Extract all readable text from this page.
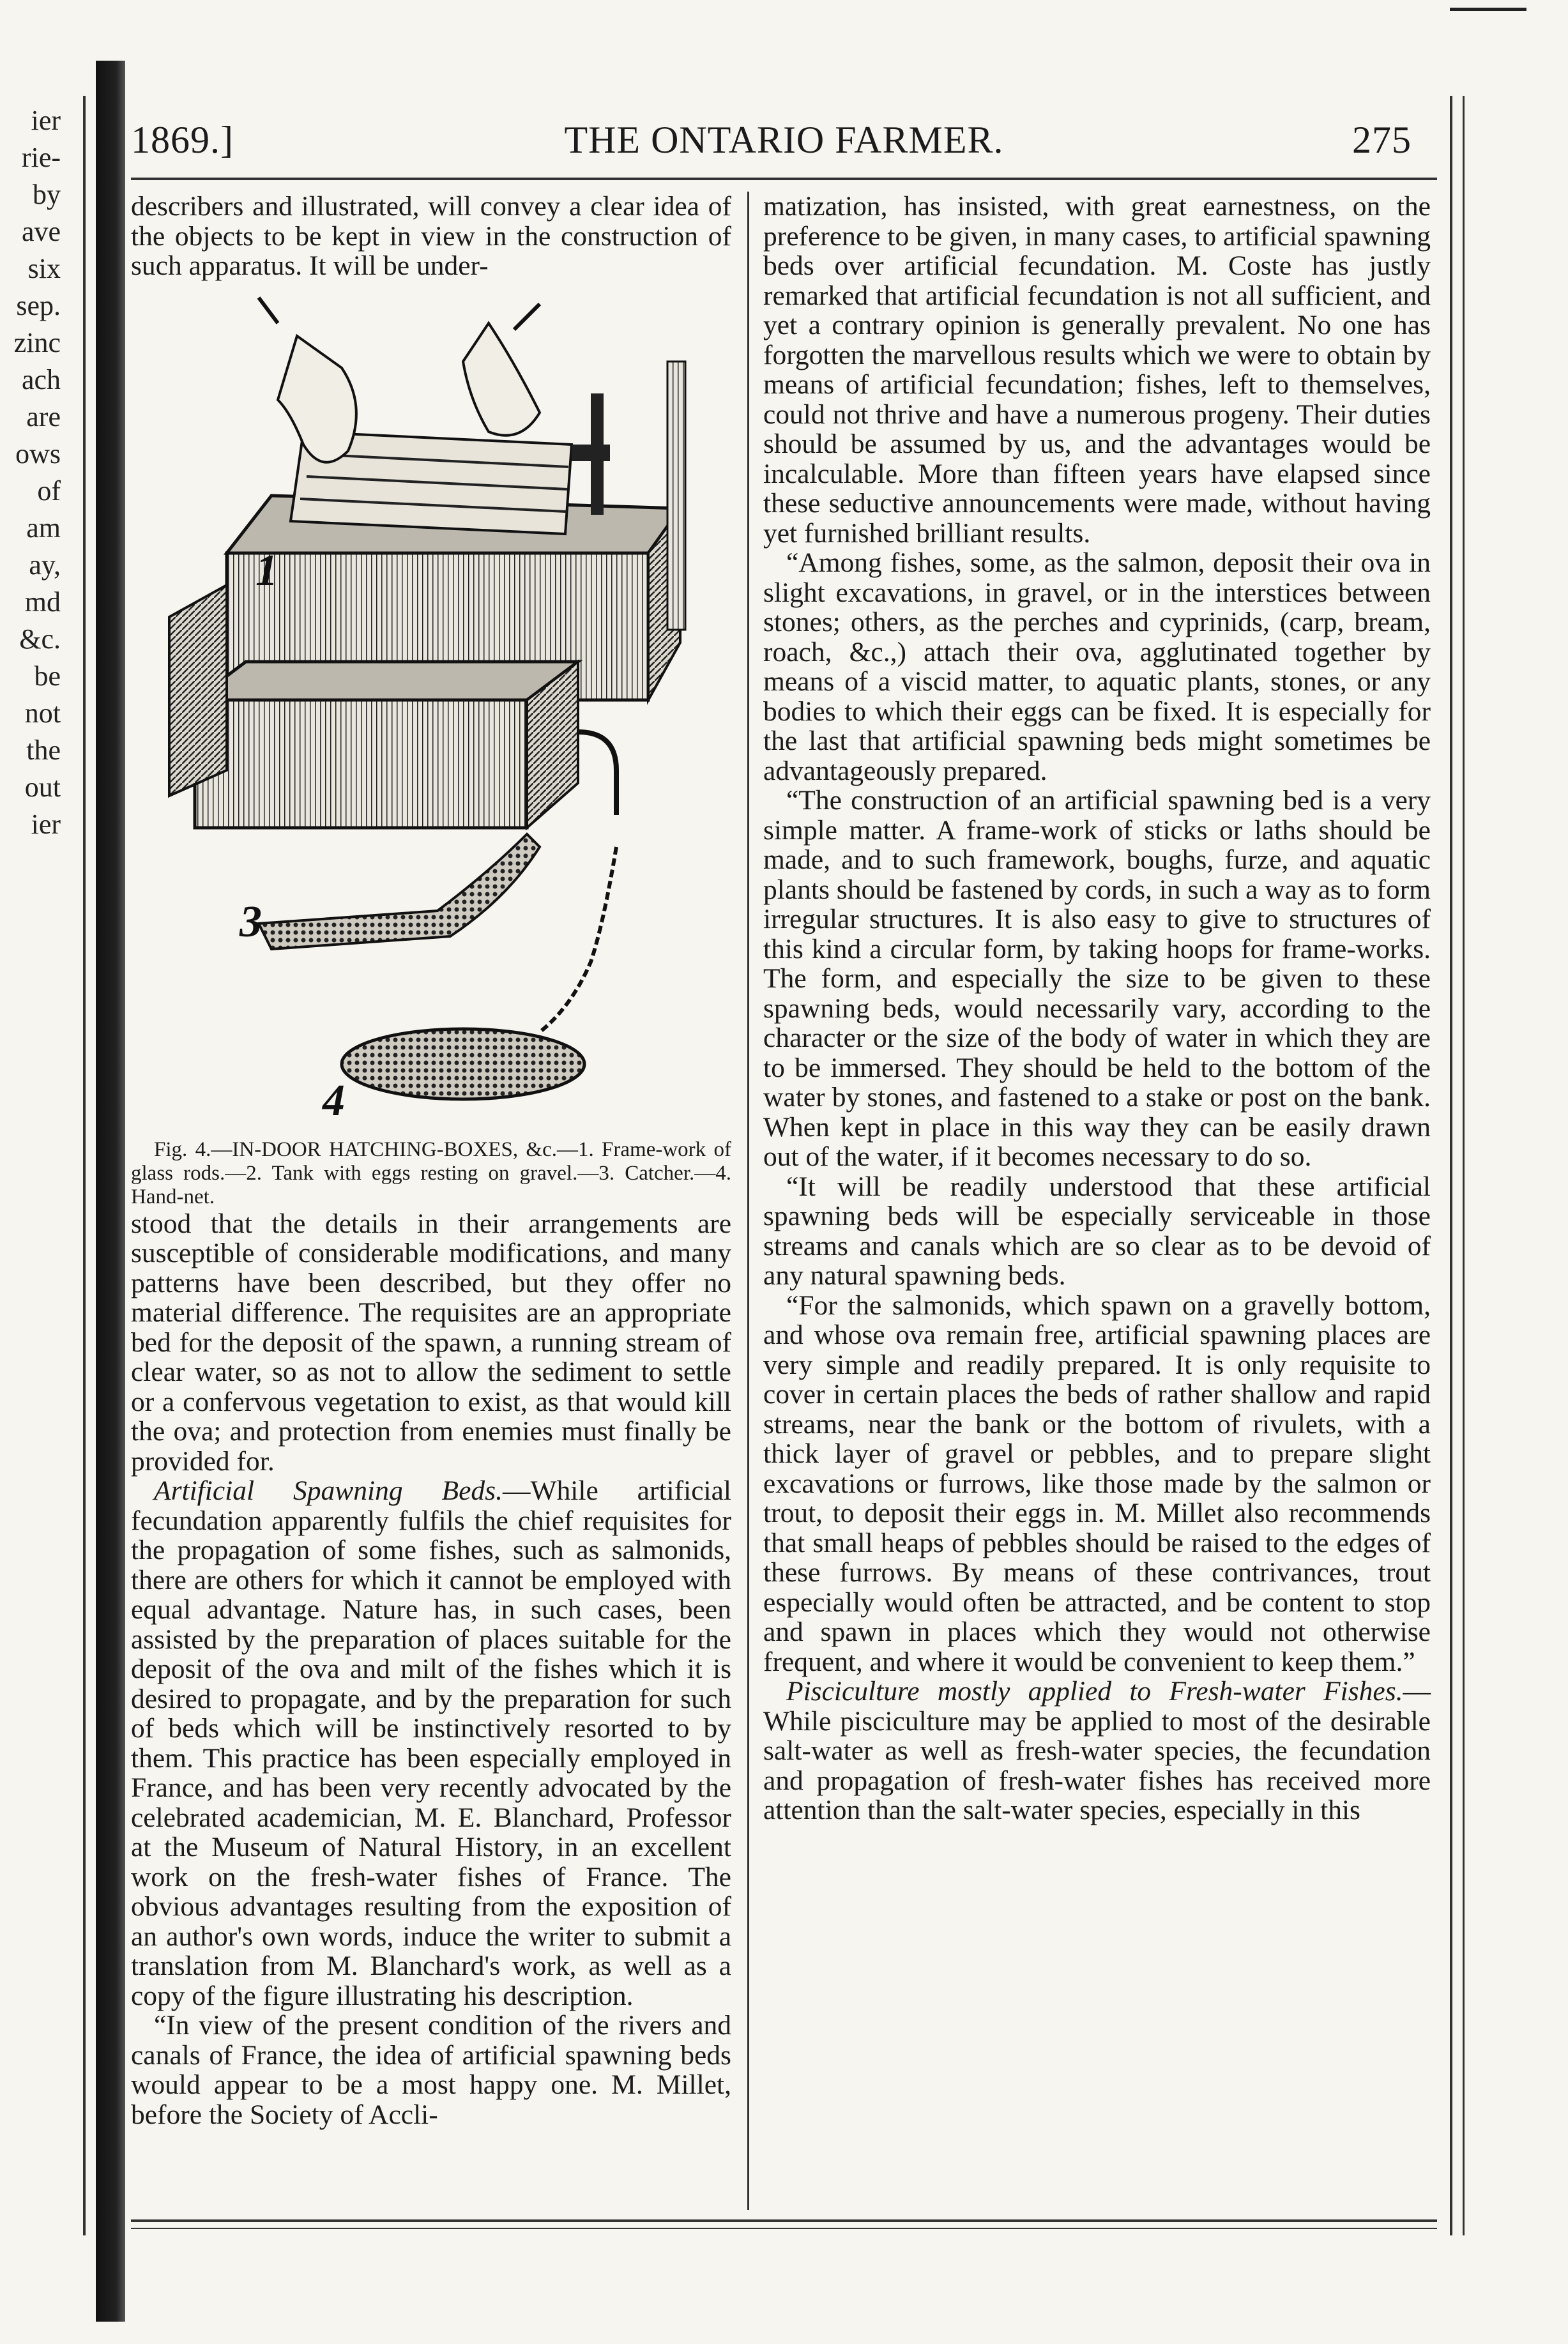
ier
rie-
by
ave
six
sep.
zinc
ach
are
ows
of
am
ay,
md
&c.
be
not
the
out
ier
1869.]	THE ONTARIO FARMER.	275

describers and illustrated, will convey a clear idea of the objects to be kept in view in the construction of such apparatus. It will be under-

1
3
4

Fig. 4.—IN-DOOR HATCHING-BOXES, &c.—1. Frame-work of glass rods.—2. Tank with eggs resting on gravel.—3. Catcher.—4. Hand-net.

stood that the details in their arrangements are susceptible of considerable modifications, and many patterns have been described, but they offer no material difference. The requisites are an appropriate bed for the deposit of the spawn, a running stream of clear water, so as not to allow the sediment to settle or a confervous vegetation to exist, as that would kill the ova; and protection from enemies must finally be provided for.

Artificial Spawning Beds.—While artificial fecundation apparently fulfils the chief requisites for the propagation of some fishes, such as salmonids, there are others for which it cannot be employed with equal advantage. Nature has, in such cases, been assisted by the preparation of places suitable for the deposit of the ova and milt of the fishes which it is desired to propagate, and by the preparation for such of beds which will be instinctively resorted to by them. This practice has been especially employed in France, and has been very recently advocated by the celebrated academician, M. E. Blanchard, Professor at the Museum of Natural History, in an excellent work on the fresh-water fishes of France. The obvious advantages resulting from the exposition of an author's own words, induce the writer to submit a translation from M. Blanchard's work, as well as a copy of the figure illustrating his description.

“In view of the present condition of the rivers and canals of France, the idea of artificial spawning beds would appear to be a most happy one. M. Millet, before the Society of Accli-

matization, has insisted, with great earnestness, on the preference to be given, in many cases, to artificial spawning beds over artificial fecundation. M. Coste has justly remarked that artificial fecundation is not all sufficient, and yet a contrary opinion is generally prevalent. No one has forgotten the marvellous results which we were to obtain by means of artificial fecundation; fishes, left to themselves, could not thrive and have a numerous progeny. Their duties should be assumed by us, and the advantages would be incalculable. More than fifteen years have elapsed since these seductive announcements were made, without having yet furnished brilliant results.

“Among fishes, some, as the salmon, deposit their ova in slight excavations, in gravel, or in the interstices between stones; others, as the perches and cyprinids, (carp, bream, roach, &c.,) attach their ova, agglutinated together by means of a viscid matter, to aquatic plants, stones, or any bodies to which their eggs can be fixed. It is especially for the last that artificial spawning beds might sometimes be advantageously prepared.

“The construction of an artificial spawning bed is a very simple matter. A frame-work of sticks or laths should be made, and to such framework, boughs, furze, and aquatic plants should be fastened by cords, in such a way as to form irregular structures. It is also easy to give to structures of this kind a circular form, by taking hoops for frame-works. The form, and especially the size to be given to these spawning beds, would necessarily vary, according to the character or the size of the body of water in which they are to be immersed. They should be held to the bottom of the water by stones, and fastened to a stake or post on the bank. When kept in place in this way they can be easily drawn out of the water, if it becomes necessary to do so.

“It will be readily understood that these artificial spawning beds will be especially serviceable in those streams and canals which are so clear as to be devoid of any natural spawning beds.

“For the salmonids, which spawn on a gravelly bottom, and whose ova remain free, artificial spawning places are very simple and readily prepared. It is only requisite to cover in certain places the beds of rather shallow and rapid streams, near the bank or the bottom of rivulets, with a thick layer of gravel or pebbles, and to prepare slight excavations or furrows, like those made by the salmon or trout, to deposit their eggs in. M. Millet also recommends that small heaps of pebbles should be raised to the edges of these furrows. By means of these contrivances, trout especially would often be attracted, and be content to stop and spawn in places which they would not otherwise frequent, and where it would be convenient to keep them.”

Pisciculture mostly applied to Fresh-water Fishes.—While pisciculture may be applied to most of the desirable salt-water as well as fresh-water species, the fecundation and propagation of fresh-water fishes has received more attention than the salt-water species, especially in this
